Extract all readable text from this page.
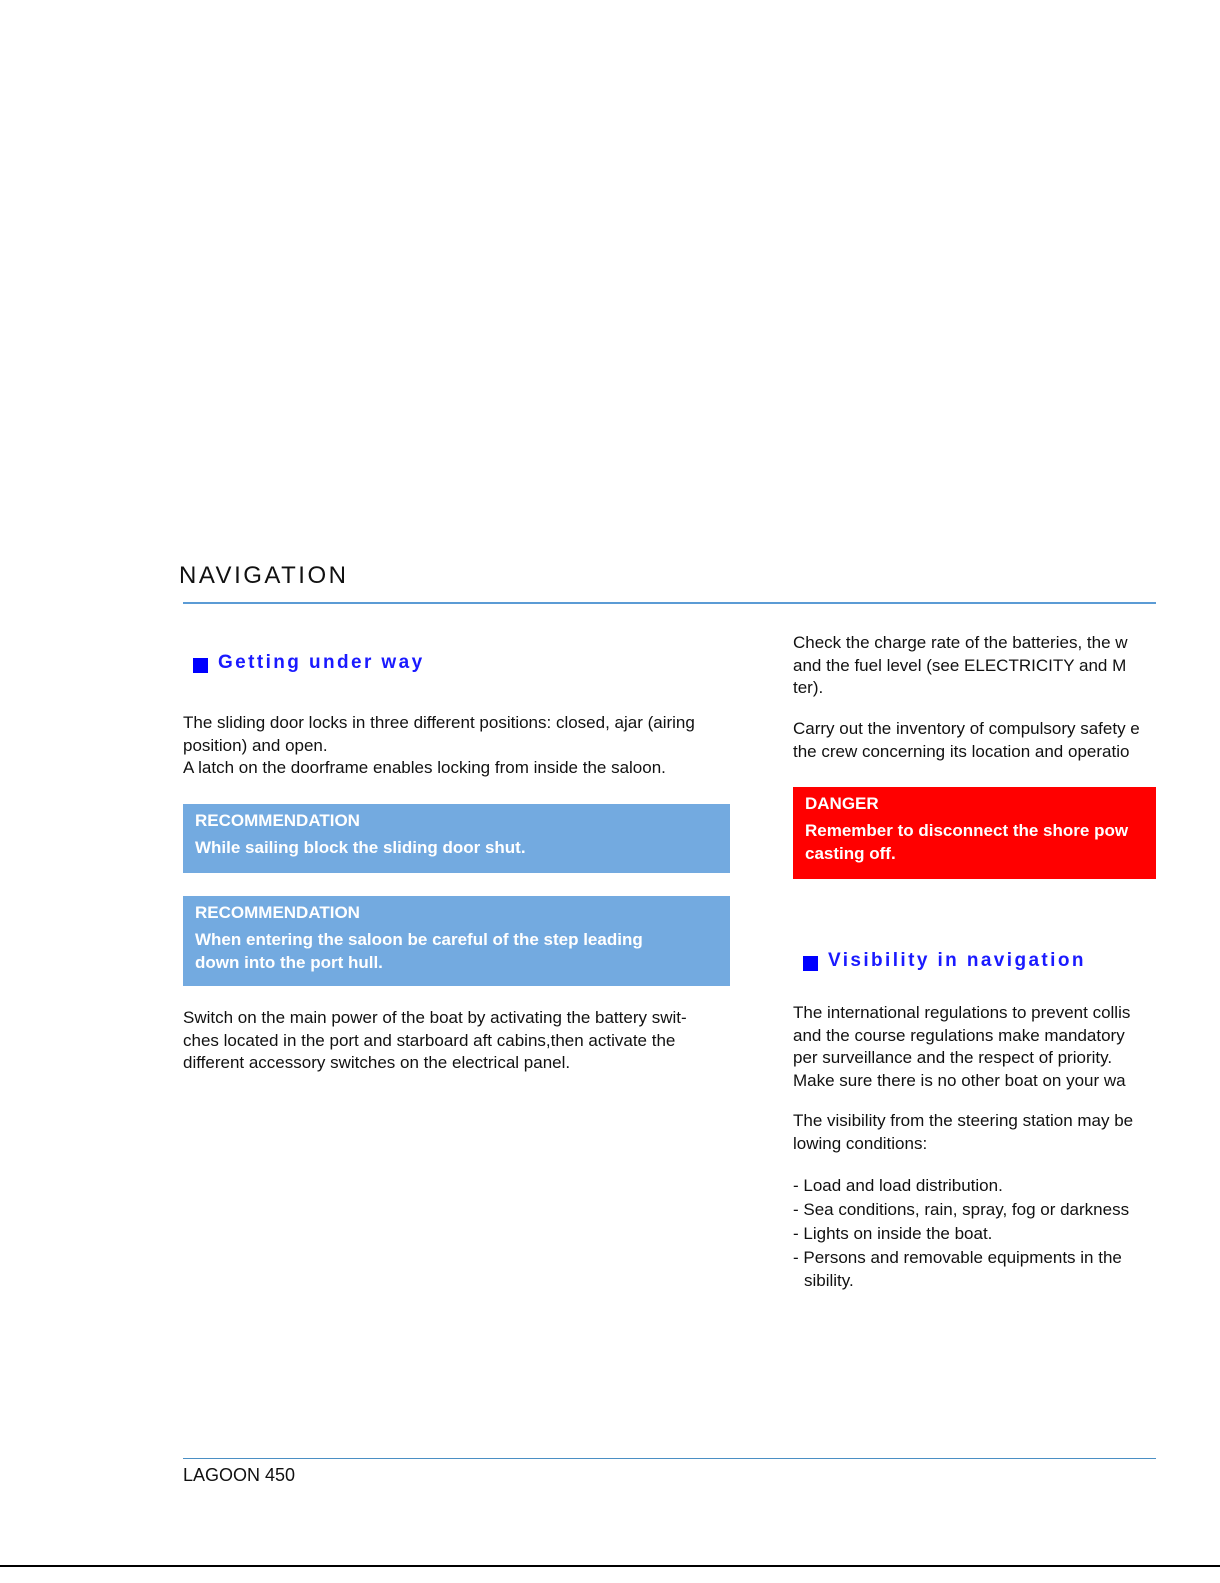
NAVIGATION
Getting under way

The sliding door locks in three different positions: closed, ajar (airing
position) and open.
A latch on the doorframe enables locking from inside the saloon.

RECOMMENDATION
While sailing block the sliding door shut.
RECOMMENDATION
When entering the saloon be careful of the step leading
down into the port hull.

Switch on the main power of the boat by activating the battery swit-
ches located in the port and starboard aft cabins,then activate the
different accessory switches on the electrical panel.

Check the charge rate of the batteries, the w
and the fuel level (see ELECTRICITY and M
ter).

Carry out the inventory of compulsory safety e
the crew concerning its location and operatio

DANGER
Remember to disconnect the shore pow
casting off.
Visibility in navigation

The international regulations to prevent collis
and the course regulations make mandatory
per surveillance and the respect of priority.
Make sure there is no other boat on your wa

The visibility from the steering station may be
lowing conditions:

- Load and load distribution.
- Sea conditions, rain, spray, fog or darkness
- Lights on inside the boat.
- Persons and removable equipments in the
sibility.
LAGOON 450
